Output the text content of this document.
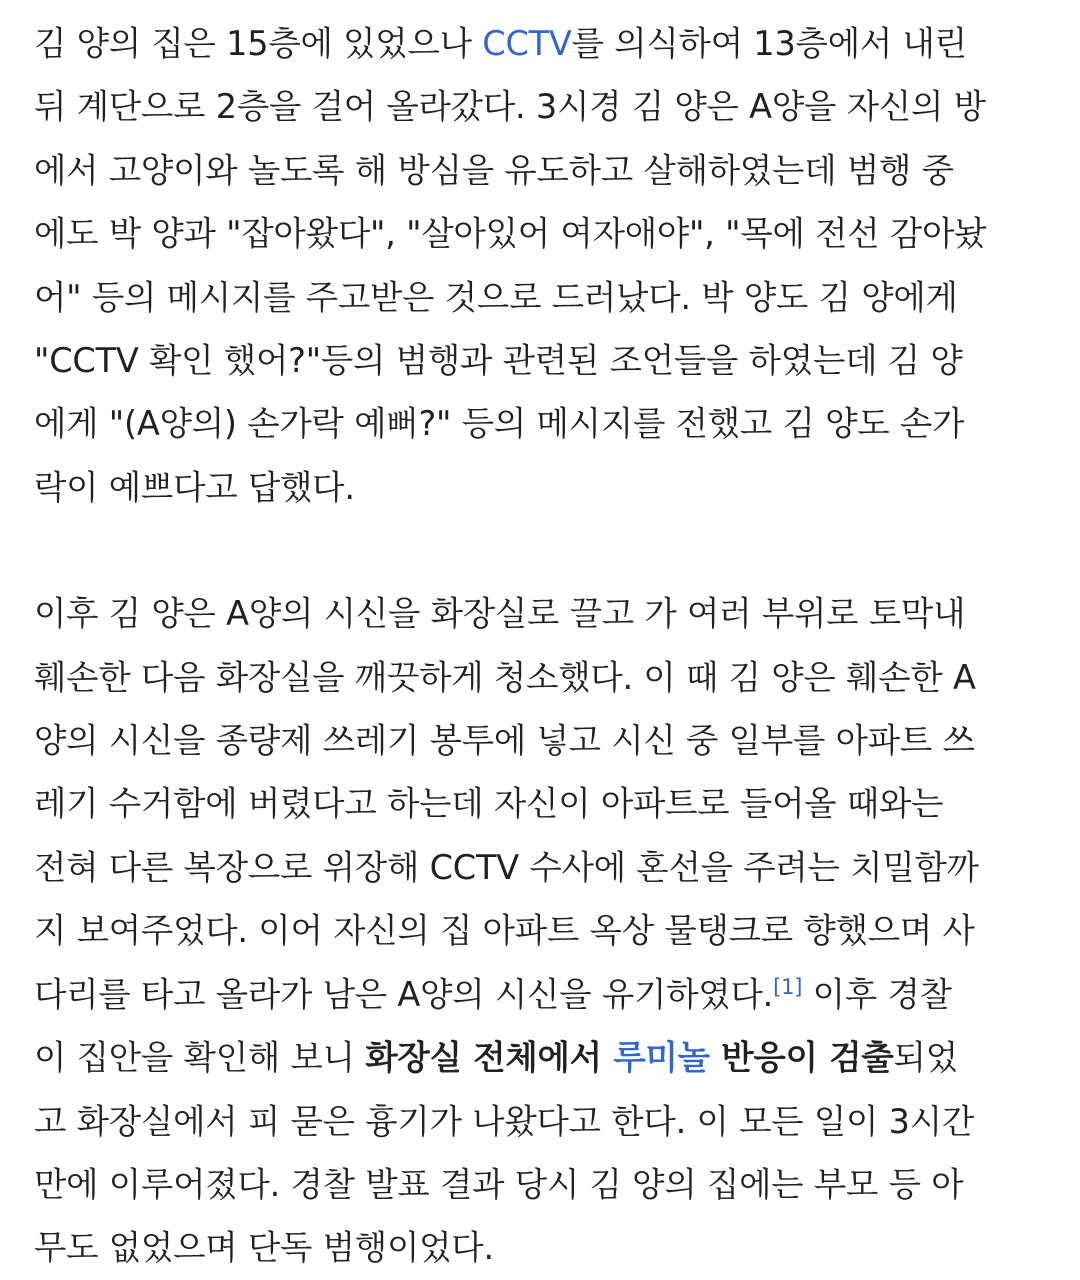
김 양의 집은 15층에 있었으나 CCTV를 의식하여 13층에서 내린
뒤 계단으로 2층을 걸어 올라갔다. 3시경 김 양은 A양을 자신의 방
에서 고양이와 놀도록 해 방심을 유도하고 살해하였는데 범행 중
에도 박 양과 "잡아왔다", "살아있어 여자애야", "목에 전선 감아놨
어" 등의 메시지를 주고받은 것으로 드러났다. 박 양도 김 양에게
"CCTV 확인 했어?"등의 범행과 관련된 조언들을 하였는데 김 양
에게 "(A양의) 손가락 예뻐?" 등의 메시지를 전했고 김 양도 손가
락이 예쁘다고 답했다.

이후 김 양은 A양의 시신을 화장실로 끌고 가 여러 부위로 토막내
훼손한 다음 화장실을 깨끗하게 청소했다. 이 때 김 양은 훼손한 A
양의 시신을 종량제 쓰레기 봉투에 넣고 시신 중 일부를 아파트 쓰
레기 수거함에 버렸다고 하는데 자신이 아파트로 들어올 때와는
전혀 다른 복장으로 위장해 CCTV 수사에 혼선을 주려는 치밀함까
지 보여주었다. 이어 자신의 집 아파트 옥상 물탱크로 향했으며 사
다리를 타고 올라가 남은 A양의 시신을 유기하였다.[1] 이후 경찰
이 집안을 확인해 보니 화장실 전체에서 루미놀 반응이 검출되었
고 화장실에서 피 묻은 흉기가 나왔다고 한다. 이 모든 일이 3시간
만에 이루어졌다. 경찰 발표 결과 당시 김 양의 집에는 부모 등 아
무도 없었으며 단독 범행이었다.
